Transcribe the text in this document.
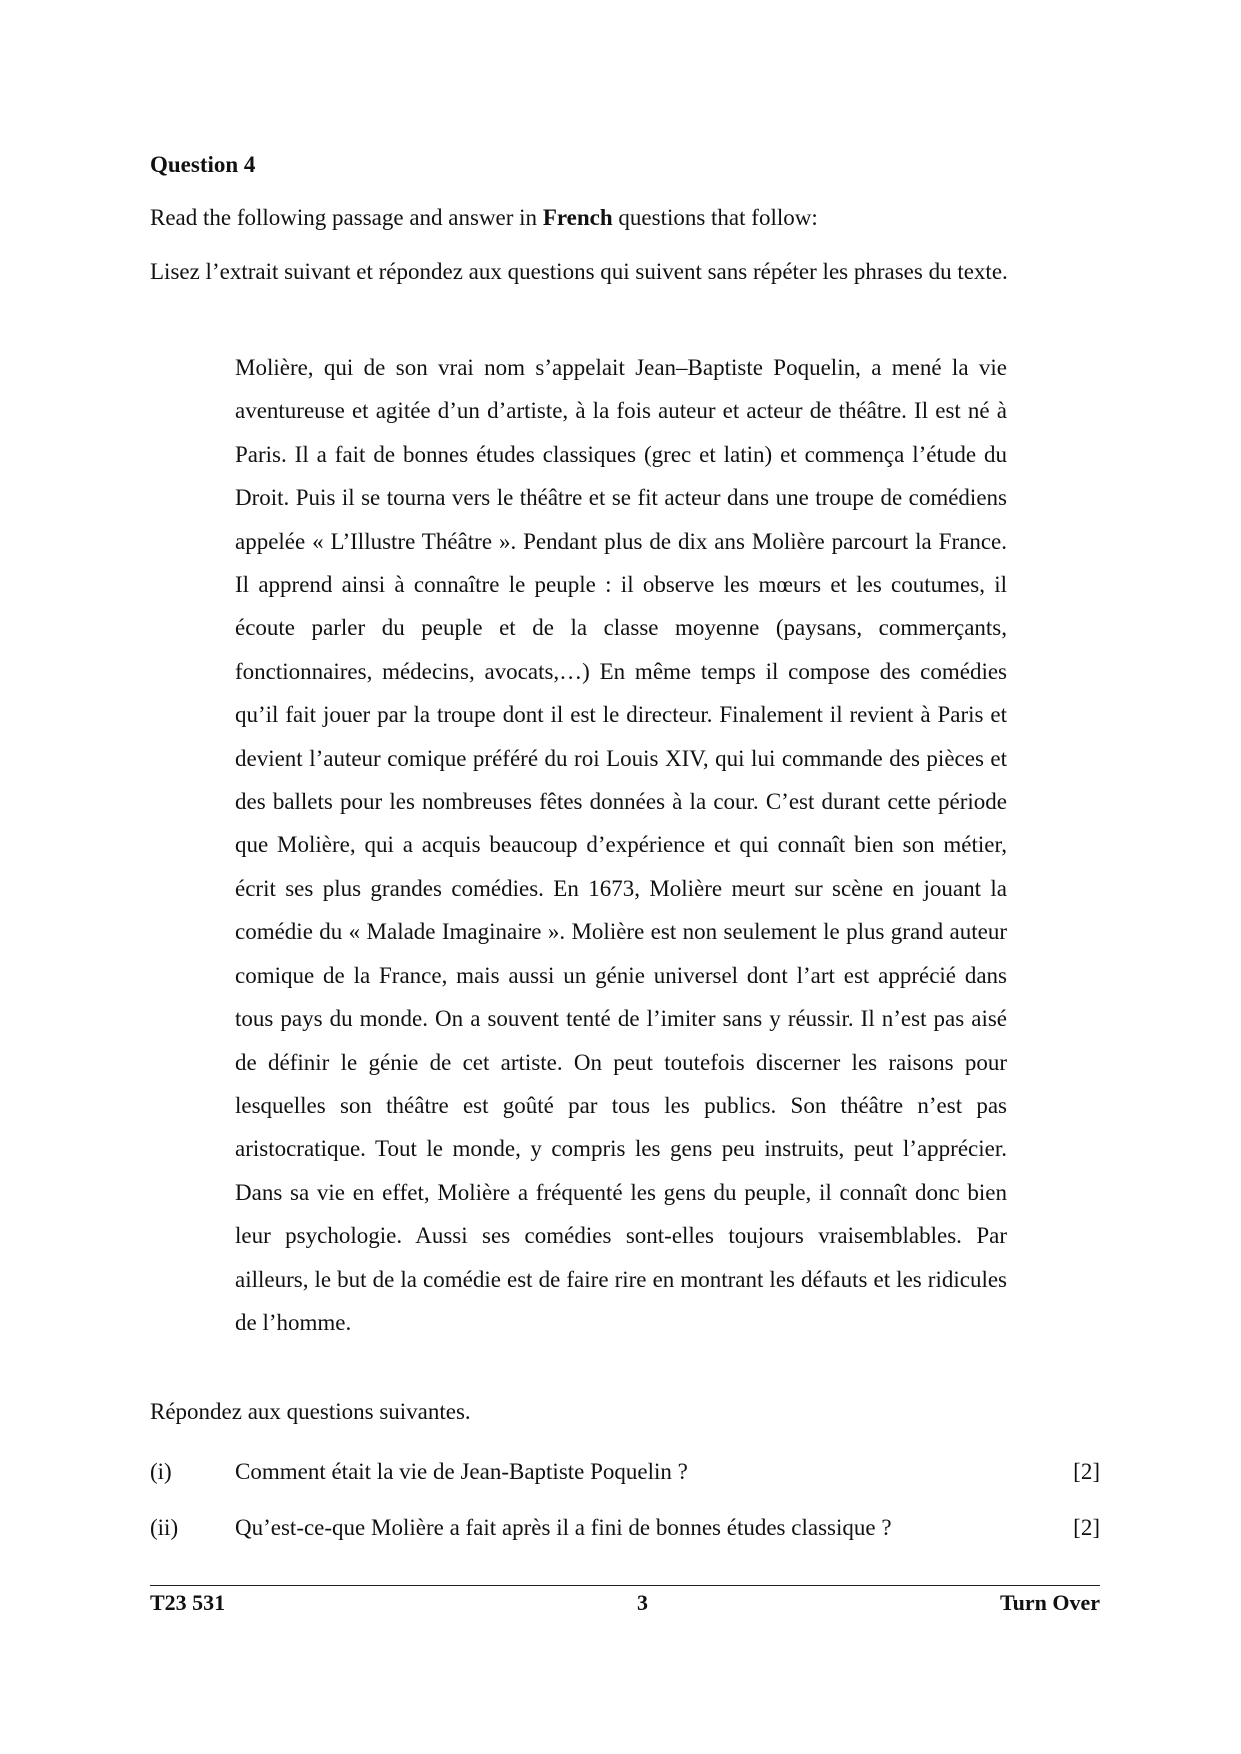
Question 4

Read the following passage and answer in French questions that follow:

Lisez l’extrait suivant et répondez aux questions qui suivent sans répéter les phrases du texte.

Molière, qui de son vrai nom s’appelait Jean–Baptiste Poquelin, a mené la vie aventureuse et agitée d’un d’artiste, à la fois auteur et acteur de théâtre. Il est né à Paris. Il a fait de bonnes études classiques (grec et latin) et commença l’étude du Droit. Puis il se tourna vers le théâtre et se fit acteur dans une troupe de comédiens appelée « L’Illustre Théâtre ». Pendant plus de dix ans Molière parcourt la France. Il apprend ainsi à connaître le peuple : il observe les mœurs et les coutumes, il écoute parler du peuple et de la classe moyenne (paysans, commerçants, fonctionnaires, médecins, avocats,…) En même temps il compose des comédies qu’il fait jouer par la troupe dont il est le directeur. Finalement il revient à Paris et devient l’auteur comique préféré du roi Louis XIV, qui lui commande des pièces et des ballets pour les nombreuses fêtes données à la cour. C’est durant cette période que Molière, qui a acquis beaucoup d’expérience et qui connaît bien son métier, écrit ses plus grandes comédies. En 1673, Molière meurt sur scène en jouant la comédie du « Malade Imaginaire ». Molière est non seulement le plus grand auteur comique de la France, mais aussi un génie universel dont l’art est apprécié dans tous pays du monde. On a souvent tenté de l’imiter sans y réussir. Il n’est pas aisé de définir le génie de cet artiste. On peut toutefois discerner les raisons pour lesquelles son théâtre est goûté par tous les publics. Son théâtre n’est pas aristocratique. Tout le monde, y compris les gens peu instruits, peut l’apprécier. Dans sa vie en effet, Molière a fréquenté les gens du peuple, il connaît donc bien leur psychologie. Aussi ses comédies sont-elles toujours vraisemblables. Par ailleurs, le but de la comédie est de faire rire en montrant les défauts et les ridicules de l’homme.

Répondez aux questions suivantes.

(i)	Comment était la vie de Jean-Baptiste Poquelin ?	[2]
(ii) Qu’est-ce-que Molière a fait après il a fini de bonnes études classique ?	[2]
T23 531	3	Turn Over
